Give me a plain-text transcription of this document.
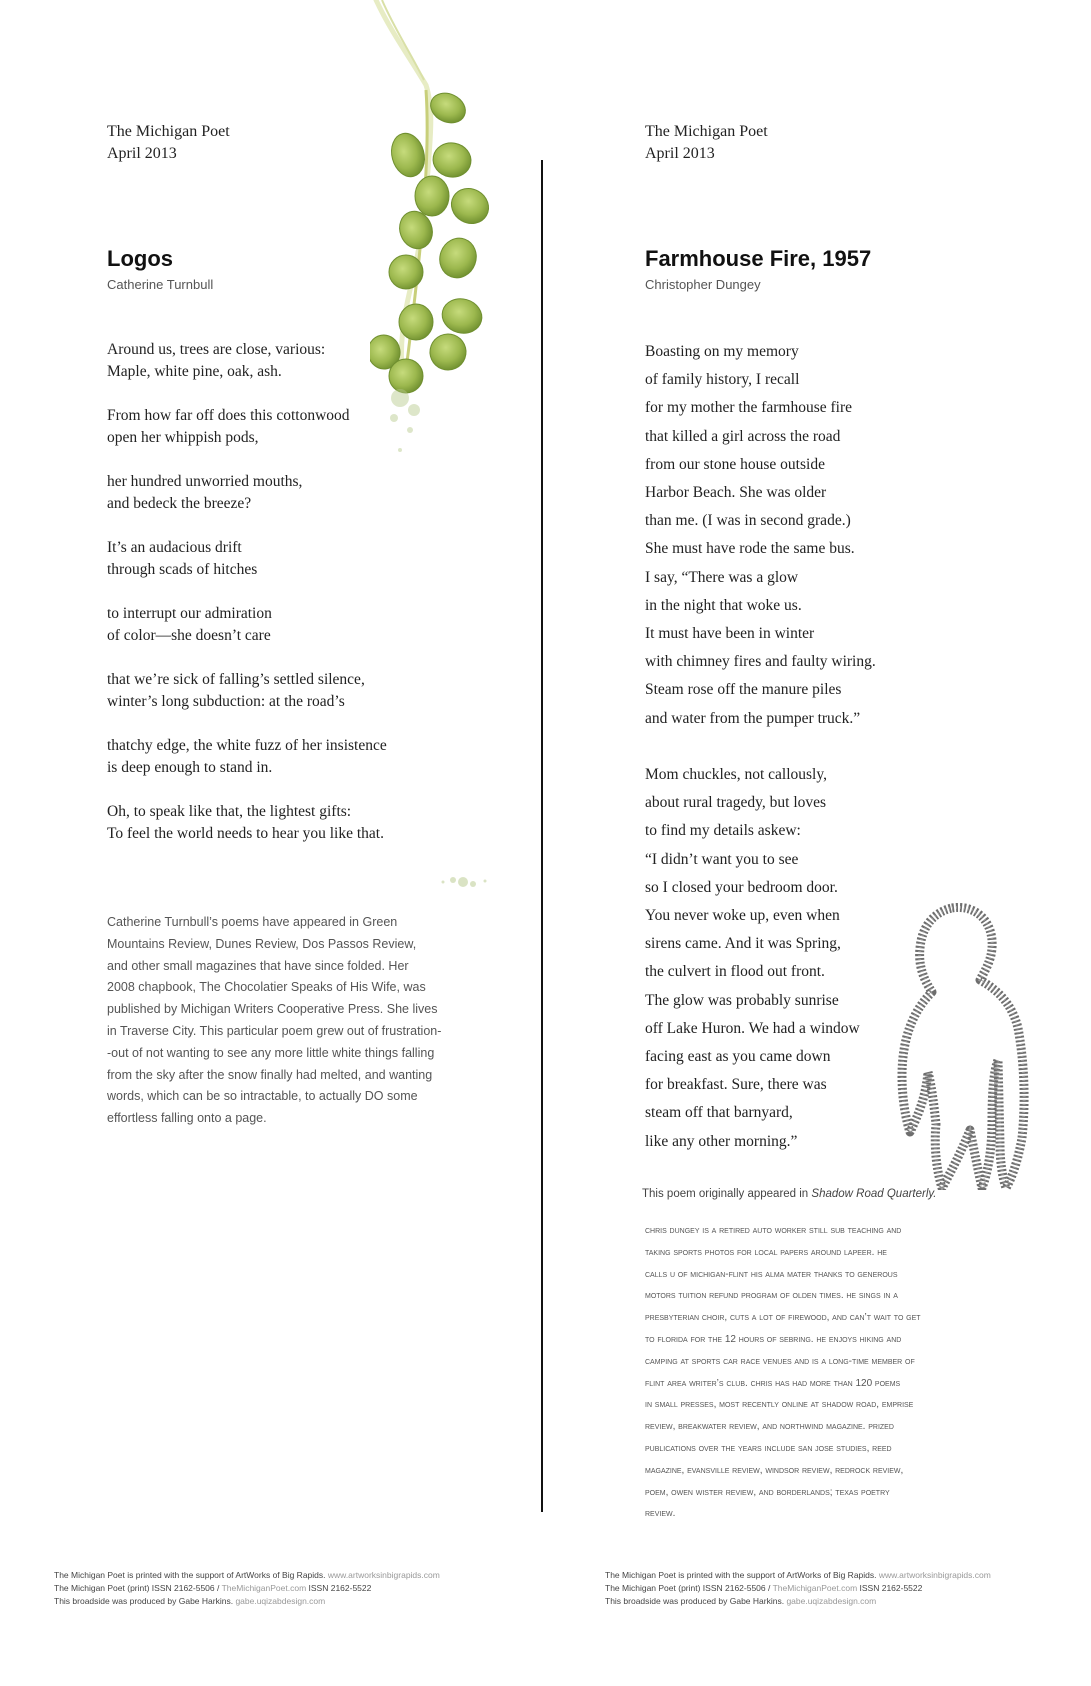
The Michigan Poet
April 2013
Logos
Catherine Turnbull
Around us, trees are close, various:
Maple, white pine, oak, ash.
From how far off does this cottonwood
open her whippish pods,
her hundred unworried mouths,
and bedeck the breeze?
It’s an audacious drift
through scads of hitches
to interrupt our admiration
of color—she doesn’t care
that we’re sick of falling’s settled silence,
winter’s long subduction: at the road’s
thatchy edge, the white fuzz of her insistence
is deep enough to stand in.
Oh, to speak like that, the lightest gifts:
To feel the world needs to hear you like that.
Catherine Turnbull’s poems have appeared in Green
Mountains Review, Dunes Review, Dos Passos Review,
and other small magazines that have since folded. Her
2008 chapbook, The Chocolatier Speaks of His Wife, was
published by Michigan Writers Cooperative Press. She lives
in Traverse City. This particular poem grew out of frustration-
-out of not wanting to see any more little white things falling
from the sky after the snow finally had melted, and wanting
words, which can be so intractable, to actually DO some
effortless falling onto a page.
The Michigan Poet
April 2013
Farmhouse Fire, 1957
Christopher Dungey
Boasting on my memory
of family history, I recall
for my mother the farmhouse fire
that killed a girl across the road
from our stone house outside
Harbor Beach. She was older
than me. (I was in second grade.)
She must have rode the same bus.
I say, “There was a glow
in the night that woke us.
It must have been in winter
with chimney fires and faulty wiring.
Steam rose off the manure piles
and water from the pumper truck.”
Mom chuckles, not callously,
about rural tragedy, but loves
to find my details askew:
“I didn’t want you to see
so I closed your bedroom door.
You never woke up, even when
sirens came. And it was Spring,
the culvert in flood out front.
The glow was probably sunrise
off Lake Huron. We had a window
facing east as you came down
for breakfast. Sure, there was
steam off that barnyard,
like any other morning.”
This poem originally appeared in Shadow Road Quarterly.
chris dungey is a retired auto worker still sub teaching and
taking sports photos for local papers around lapeer. he
calls u of michigan-flint his alma mater thanks to generous
motors tuition refund program of olden times. he sings in a
presbyterian choir, cuts a lot of firewood, and can’t wait to get
to florida for the 12 hours of sebring. he enjoys hiking and
camping at sports car race venues and is a long-time member of
flint area writer’s club. chris has had more than 120 poems
in small presses, most recently online at shadow road, emprise
review, breakwater review, and northwind magazine. prized
publications over the years include san jose studies, reed
magazine, evansville review, windsor review, redrock review,
poem, owen wister review, and borderlands; texas poetry
review.
The Michigan Poet is printed with the support of ArtWorks of Big Rapids. www.artworksinbigrapids.com
The Michigan Poet (print) ISSN 2162-5506 / TheMichiganPoet.com ISSN 2162-5522
This broadside was produced by Gabe Harkins. gabe.uqizabdesign.com
The Michigan Poet is printed with the support of ArtWorks of Big Rapids. www.artworksinbigrapids.com
The Michigan Poet (print) ISSN 2162-5506 / TheMichiganPoet.com ISSN 2162-5522
This broadside was produced by Gabe Harkins. gabe.uqizabdesign.com
